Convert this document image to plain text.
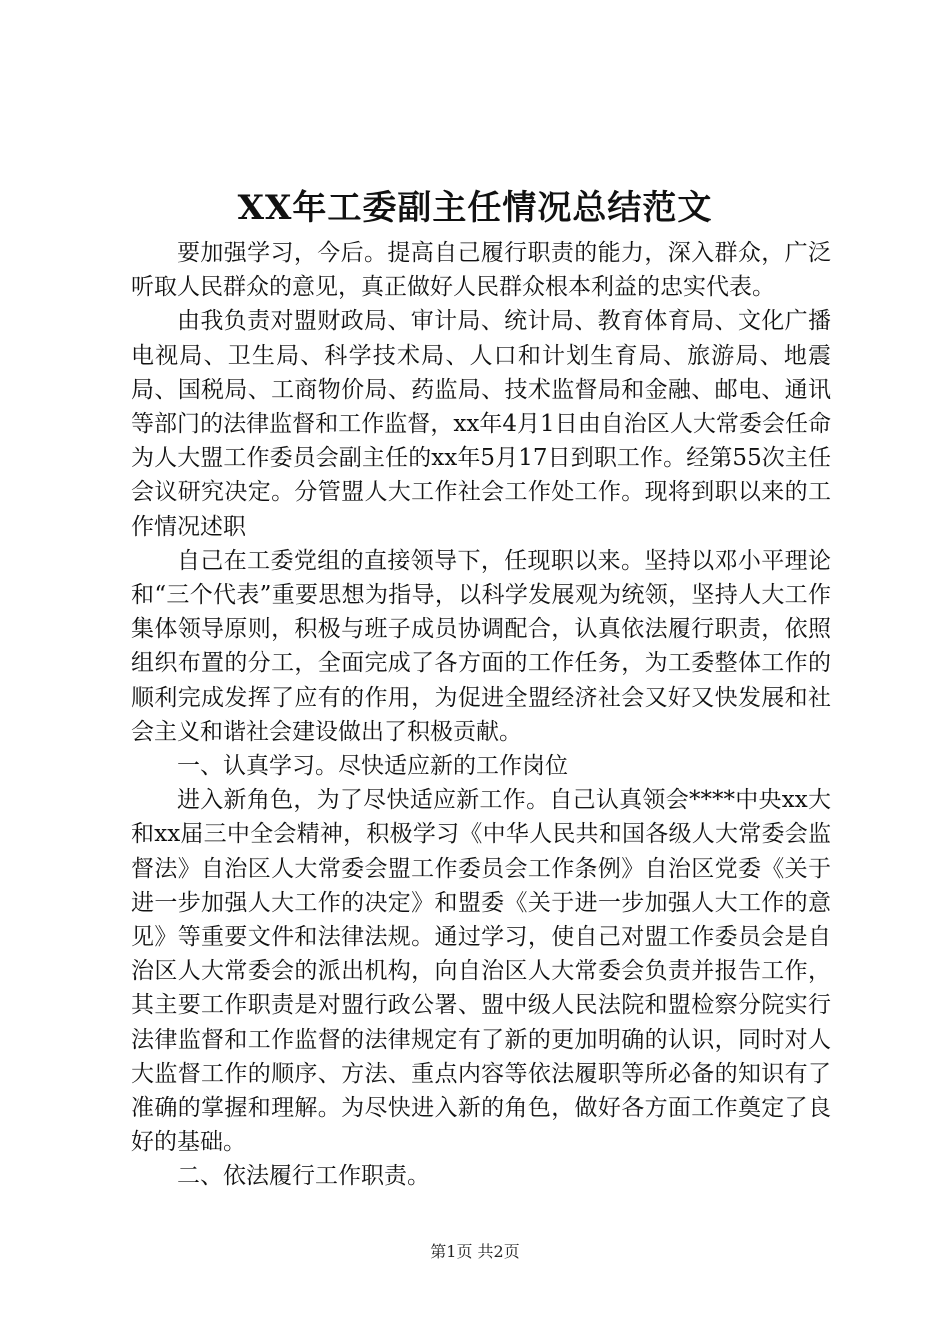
XX年工委副主任情况总结范文

要加强学习，今后。提高自己履行职责的能力，深入群众，广泛听取人民群众的意见，真正做好人民群众根本利益的忠实代表。

由我负责对盟财政局、审计局、统计局、教育体育局、文化广播电视局、卫生局、科学技术局、人口和计划生育局、旅游局、地震局、国税局、工商物价局、药监局、技术监督局和金融、邮电、通讯等部门的法律监督和工作监督，xx年4月1日由自治区人大常委会任命为人大盟工作委员会副主任的xx年5月17日到职工作。经第55次主任会议研究决定。分管盟人大工作社会工作处工作。现将到职以来的工作情况述职

自己在工委党组的直接领导下，任现职以来。坚持以邓小平理论和“三个代表”重要思想为指导，以科学发展观为统领，坚持人大工作集体领导原则，积极与班子成员协调配合，认真依法履行职责，依照组织布置的分工，全面完成了各方面的工作任务，为工委整体工作的顺利完成发挥了应有的作用，为促进全盟经济社会又好又快发展和社会主义和谐社会建设做出了积极贡献。

一、认真学习。尽快适应新的工作岗位

进入新角色，为了尽快适应新工作。自己认真领会****中央xx大和xx届三中全会精神，积极学习《中华人民共和国各级人大常委会监督法》自治区人大常委会盟工作委员会工作条例》自治区党委《关于进一步加强人大工作的决定》和盟委《关于进一步加强人大工作的意见》等重要文件和法律法规。通过学习，使自己对盟工作委员会是自治区人大常委会的派出机构，向自治区人大常委会负责并报告工作，其主要工作职责是对盟行政公署、盟中级人民法院和盟检察分院实行法律监督和工作监督的法律规定有了新的更加明确的认识，同时对人大监督工作的顺序、方法、重点内容等依法履职等所必备的知识有了准确的掌握和理解。为尽快进入新的角色，做好各方面工作奠定了良好的基础。

二、依法履行工作职责。

第1页 共2页
